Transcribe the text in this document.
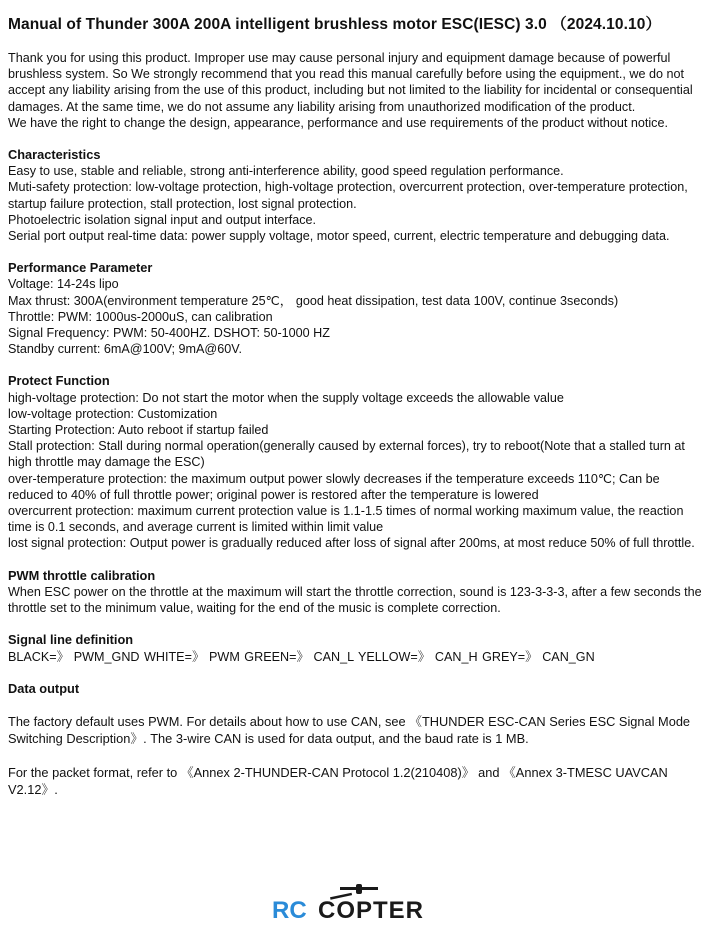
Manual of Thunder 300A 200A intelligent brushless motor ESC(IESC) 3.0 （2024.10.10）

Thank you for using this product. Improper use may cause personal injury and equipment damage because of powerful brushless system. So We strongly recommend that you read this manual carefully before using the equipment., we do not accept any liability arising from the use of this product, including but not limited to the liability for incidental or consequential damages. At the same time, we do not assume any liability arising from unauthorized modification of the product.

We have the right to change the design, appearance, performance and use requirements of the product without notice.

Characteristics

Easy to use, stable and reliable, strong anti-interference ability, good speed regulation performance.

Muti-safety protection: low-voltage protection, high-voltage protection, overcurrent protection, over-temperature protection, startup failure protection, stall protection, lost signal protection.

Photoelectric isolation signal input and output interface.

Serial port output real-time data: power supply voltage, motor speed, current, electric temperature and debugging data.

Performance Parameter

Voltage: 14-24s lipo

Max thrust: 300A(environment temperature 25℃， good heat dissipation, test data 100V, continue 3seconds)

Throttle: PWM: 1000us-2000uS, can calibration

Signal Frequency: PWM: 50-400HZ. DSHOT: 50-1000 HZ

Standby current: 6mA@100V; 9mA@60V.

Protect Function

high-voltage protection: Do not start the motor when the supply voltage exceeds the allowable value

low-voltage protection: Customization

Starting Protection: Auto reboot if startup failed

Stall protection: Stall during normal operation(generally caused by external forces), try to reboot(Note that a stalled turn at high throttle may damage the ESC)

over-temperature protection: the maximum output power slowly decreases if the temperature exceeds 110℃; Can be reduced to 40% of full throttle power; original power is restored after the temperature is lowered

overcurrent protection: maximum current protection value is 1.1-1.5 times of normal working maximum value, the reaction time is 0.1 seconds, and average current is limited within limit value

lost signal protection: Output power is gradually reduced after loss of signal after 200ms, at most reduce 50% of full throttle.

PWM throttle calibration

When ESC power on the throttle at the maximum will start the throttle correction, sound is 123-3-3-3, after a few seconds the throttle set to the minimum value, waiting for the end of the music is complete correction.

Signal line definition

BLACK=》 PWM_GND WHITE=》 PWM GREEN=》 CAN_L YELLOW=》 CAN_H GREY=》 CAN_GN

Data output

The factory default uses PWM. For details about how to use CAN, see 《THUNDER ESC-CAN Series ESC Signal Mode Switching Description》. The 3-wire CAN is used for data output, and the baud rate is 1 MB.

For the packet format, refer to 《Annex 2-THUNDER-CAN Protocol 1.2(210408)》 and 《Annex 3-TMESC UAVCAN V2.12》.

RC COPTER
